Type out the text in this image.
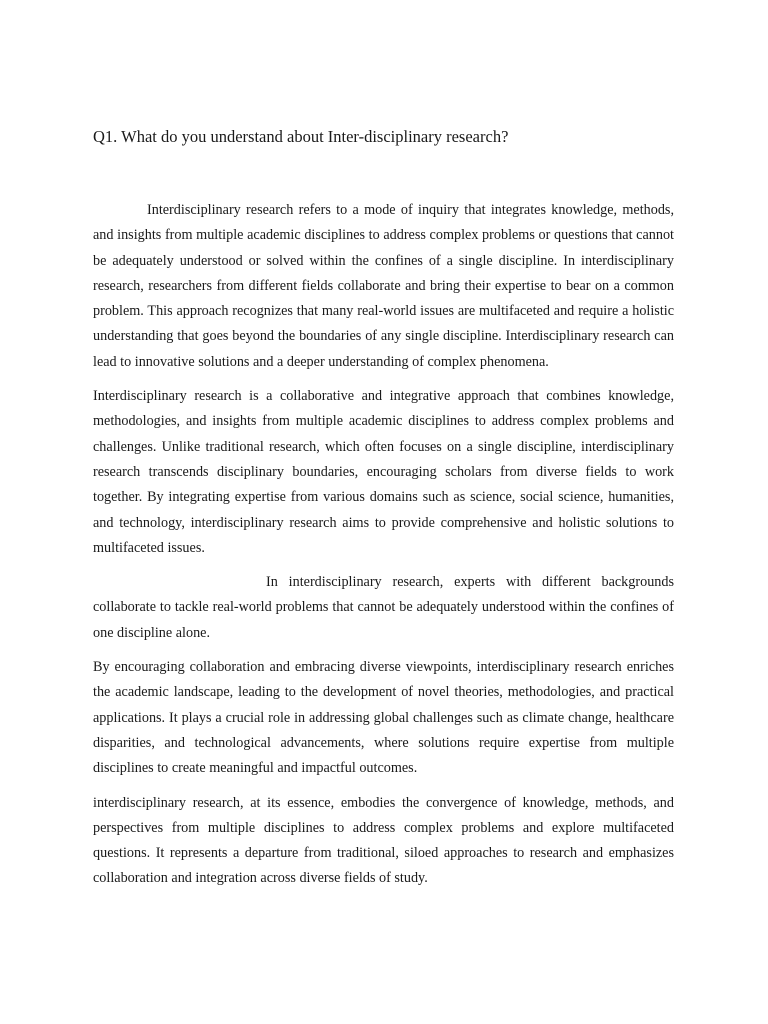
Q1. What do you understand about Inter-disciplinary research?

Interdisciplinary research refers to a mode of inquiry that integrates knowledge, methods, and insights from multiple academic disciplines to address complex problems or questions that cannot be adequately understood or solved within the confines of a single discipline. In interdisciplinary research, researchers from different fields collaborate and bring their expertise to bear on a common problem. This approach recognizes that many real-world issues are multifaceted and require a holistic understanding that goes beyond the boundaries of any single discipline. Interdisciplinary research can lead to innovative solutions and a deeper understanding of complex phenomena.

Interdisciplinary research is a collaborative and integrative approach that combines knowledge, methodologies, and insights from multiple academic disciplines to address complex problems and challenges. Unlike traditional research, which often focuses on a single discipline, interdisciplinary research transcends disciplinary boundaries, encouraging scholars from diverse fields to work together. By integrating expertise from various domains such as science, social science, humanities, and technology, interdisciplinary research aims to provide comprehensive and holistic solutions to multifaceted issues.

In interdisciplinary research, experts with different backgrounds collaborate to tackle real-world problems that cannot be adequately understood within the confines of one discipline alone.

By encouraging collaboration and embracing diverse viewpoints, interdisciplinary research enriches the academic landscape, leading to the development of novel theories, methodologies, and practical applications. It plays a crucial role in addressing global challenges such as climate change, healthcare disparities, and technological advancements, where solutions require expertise from multiple disciplines to create meaningful and impactful outcomes.

interdisciplinary research, at its essence, embodies the convergence of knowledge, methods, and perspectives from multiple disciplines to address complex problems and explore multifaceted questions. It represents a departure from traditional, siloed approaches to research and emphasizes collaboration and integration across diverse fields of study.
